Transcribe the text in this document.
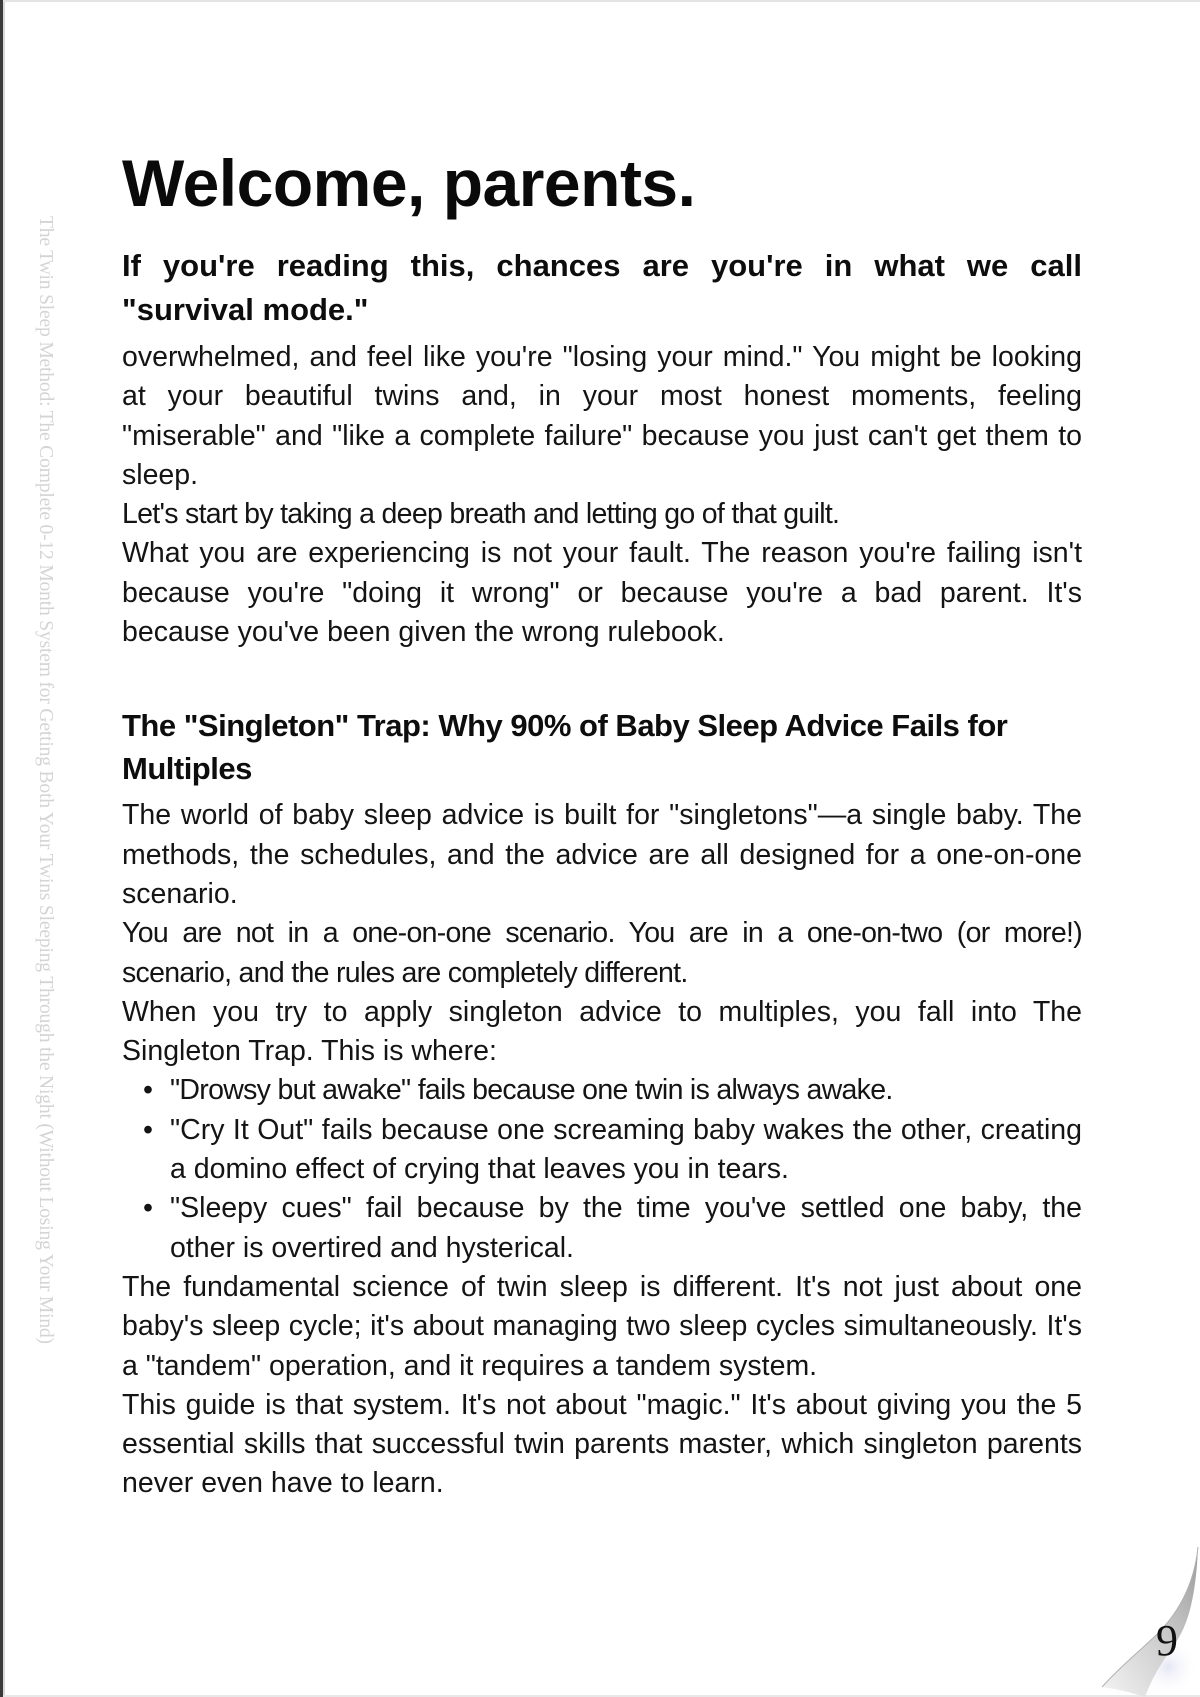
The Twin Sleep Method: The Complete 0-12 Month System for Getting Both Your Twins Sleeping Through the Night (Without Losing Your Mind)
Welcome, parents.
If you're reading this, chances are you're in what we call "survival mode."

overwhelmed, and feel like you're "losing your mind." You might be looking at your beautiful twins and, in your most honest moments, feeling "miserable" and "like a complete failure" because you just can't get them to sleep.

Let's start by taking a deep breath and letting go of that guilt.

What you are experiencing is not your fault. The reason you're failing isn't because you're "doing it wrong" or because you're a bad parent. It's because you've been given the wrong rulebook.

The "Singleton" Trap: Why 90% of Baby Sleep Advice Fails for Multiples

The world of baby sleep advice is built for "singletons"—a single baby. The methods, the schedules, and the advice are all designed for a one-on-one scenario.

You are not in a one-on-one scenario. You are in a one-on-two (or more!) scenario, and the rules are completely different.

When you try to apply singleton advice to multiples, you fall into The Singleton Trap. This is where:

• "Drowsy but awake" fails because one twin is always awake.
• "Cry It Out" fails because one screaming baby wakes the other, creating a domino effect of crying that leaves you in tears.
• "Sleepy cues" fail because by the time you've settled one baby, the other is overtired and hysterical.

The fundamental science of twin sleep is different. It's not just about one baby's sleep cycle; it's about managing two sleep cycles simultaneously. It's a "tandem" operation, and it requires a tandem system.

This guide is that system. It's not about "magic." It's about giving you the 5 essential skills that successful twin parents master, which singleton parents never even have to learn.

9
